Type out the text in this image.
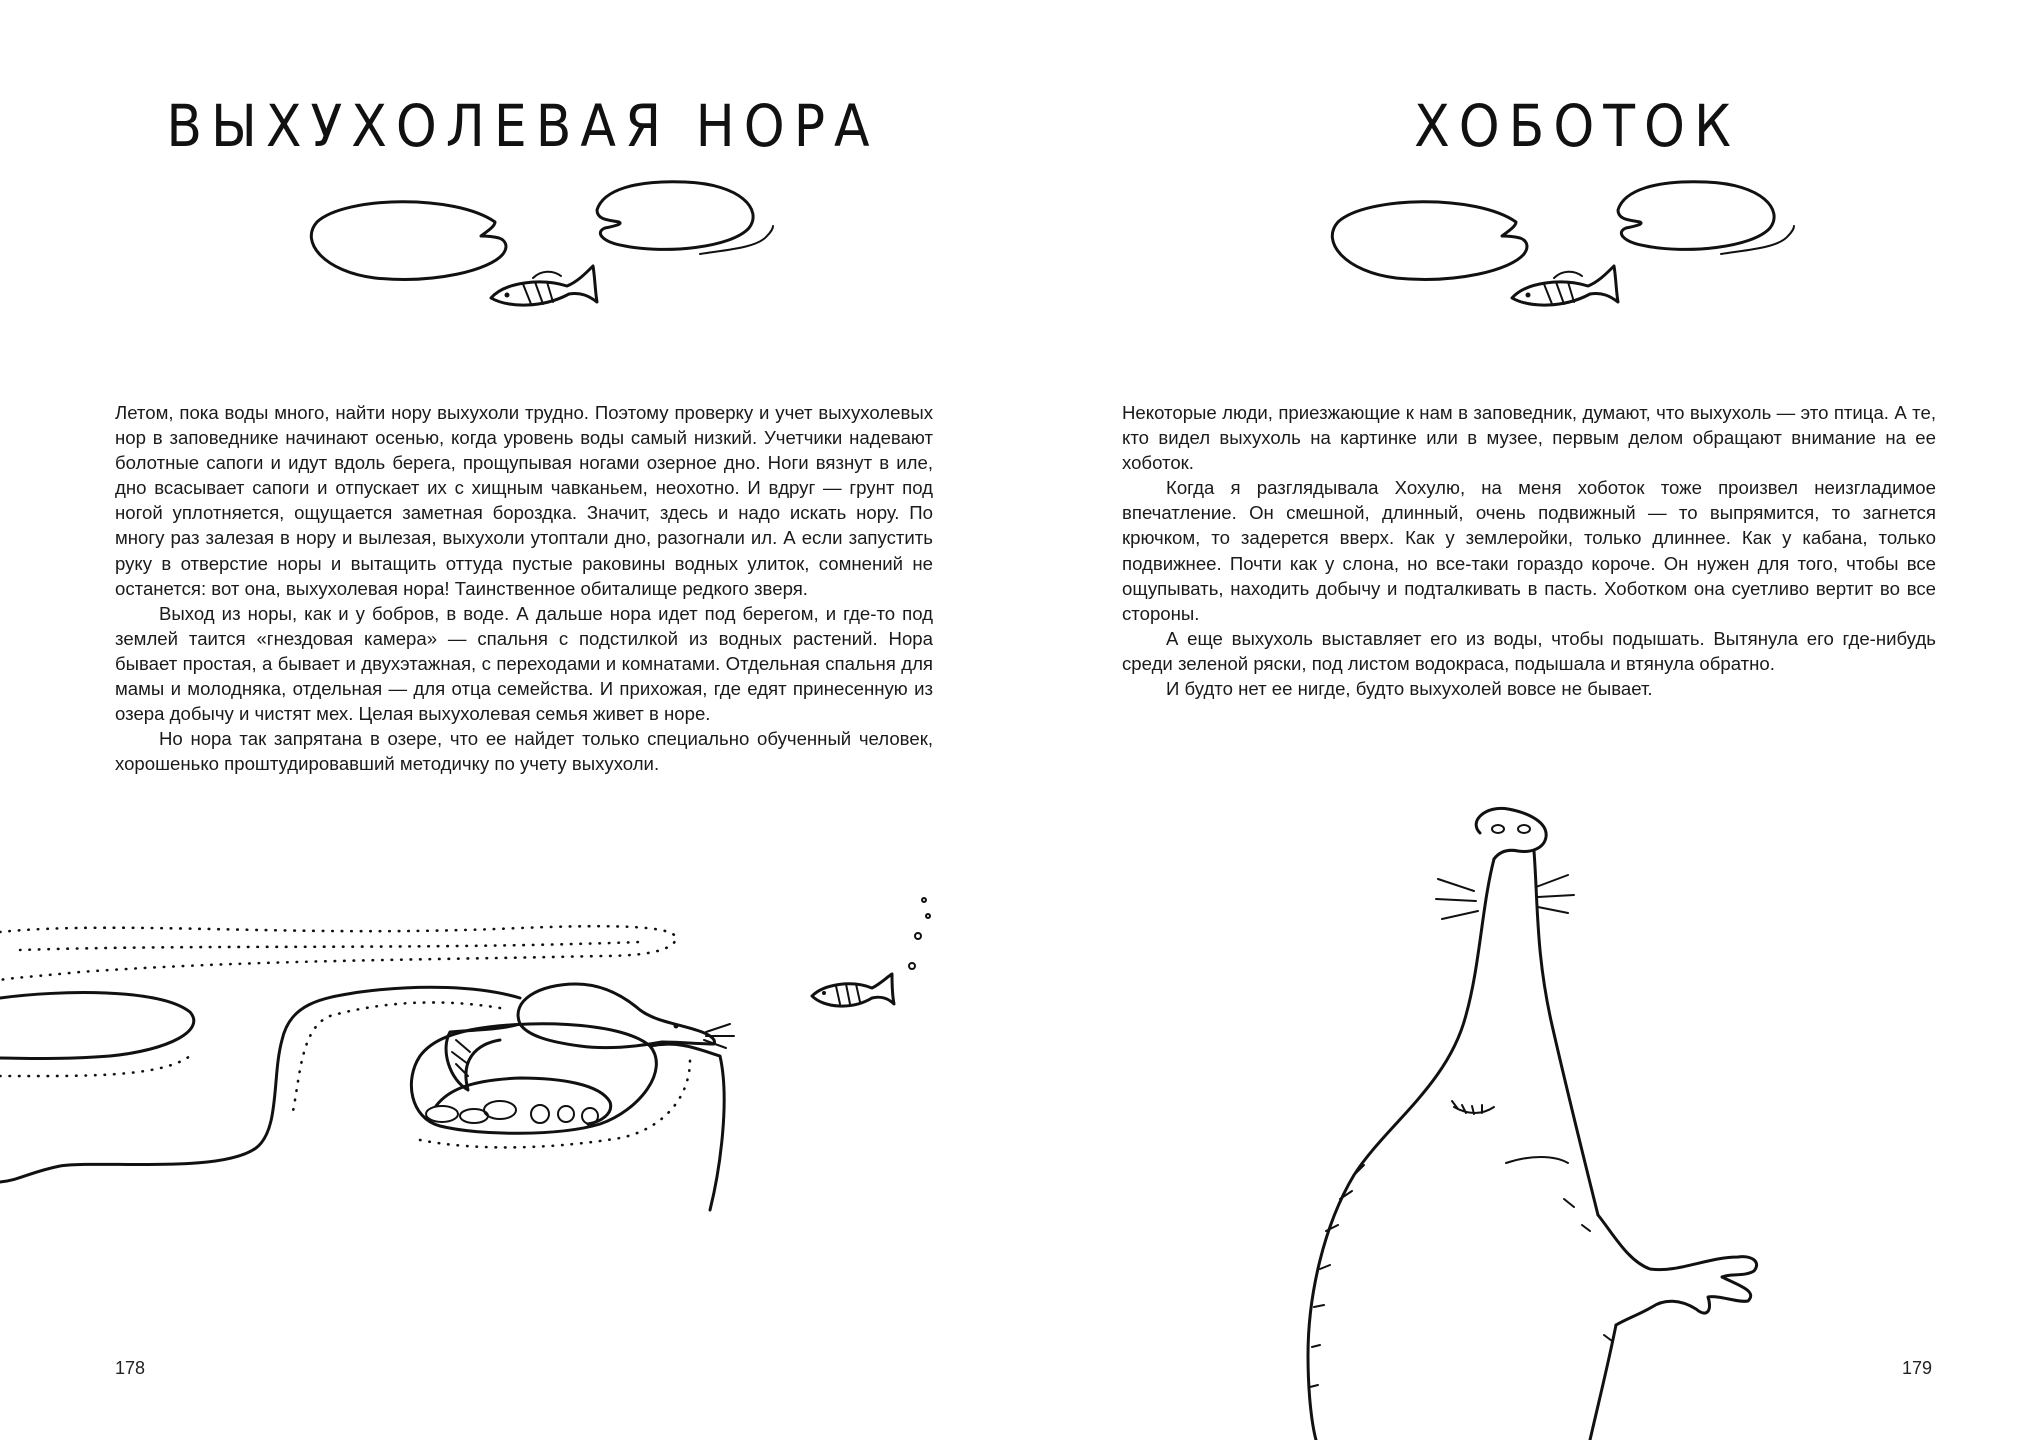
ВЫХУХОЛЕВАЯ НОРА

Летом, пока воды много, найти нору выхухоли трудно. Поэтому проверку и учет выхухолевых нор в заповеднике начинают осенью, когда уровень воды самый низкий. Учетчики надевают болотные сапоги и идут вдоль берега, прощупывая ногами озерное дно. Ноги вязнут в иле, дно всасывает сапоги и отпускает их с хищным чавканьем, неохотно. И вдруг — грунт под ногой уплотняется, ощущается заметная бороздка. Значит, здесь и надо искать нору. По многу раз залезая в нору и вылезая, выхухоли утоптали дно, разогнали ил. А если запустить руку в отверстие норы и вытащить оттуда пустые раковины водных улиток, сомнений не останется: вот она, выхухолевая нора! Таинственное обиталище редкого зверя.

Выход из норы, как и у бобров, в воде. А дальше нора идет под берегом, и где-то под землей таится «гнездовая камера» — спальня с подстилкой из водных растений. Нора бывает простая, а бывает и двухэтажная, с переходами и комнатами. Отдельная спальня для мамы и молодняка, отдельная — для отца семейства. И прихожая, где едят принесенную из озера добычу и чистят мех. Целая выхухолевая семья живет в норе.

Но нора так запрятана в озере, что ее найдет только специально обученный человек, хорошенько проштудировавший методичку по учету выхухоли.

178
ХОБОТОК

Некоторые люди, приезжающие к нам в заповедник, думают, что выхухоль — это птица. А те, кто видел выхухоль на картинке или в музее, первым делом обращают внимание на ее хоботок.

Когда я разглядывала Хохулю, на меня хоботок тоже произвел неизгладимое впечатление. Он смешной, длинный, очень подвижный — то выпрямится, то загнется крючком, то задерется вверх. Как у землеройки, только длиннее. Как у кабана, только подвижнее. Почти как у слона, но все-таки гораздо короче. Он нужен для того, чтобы все ощупывать, находить добычу и подталкивать в пасть. Хоботком она суетливо вертит во все стороны.

А еще выхухоль выставляет его из воды, чтобы подышать. Вытянула его где-нибудь среди зеленой ряски, под листом водокраса, подышала и втянула обратно.

И будто нет ее нигде, будто выхухолей вовсе не бывает.

179
